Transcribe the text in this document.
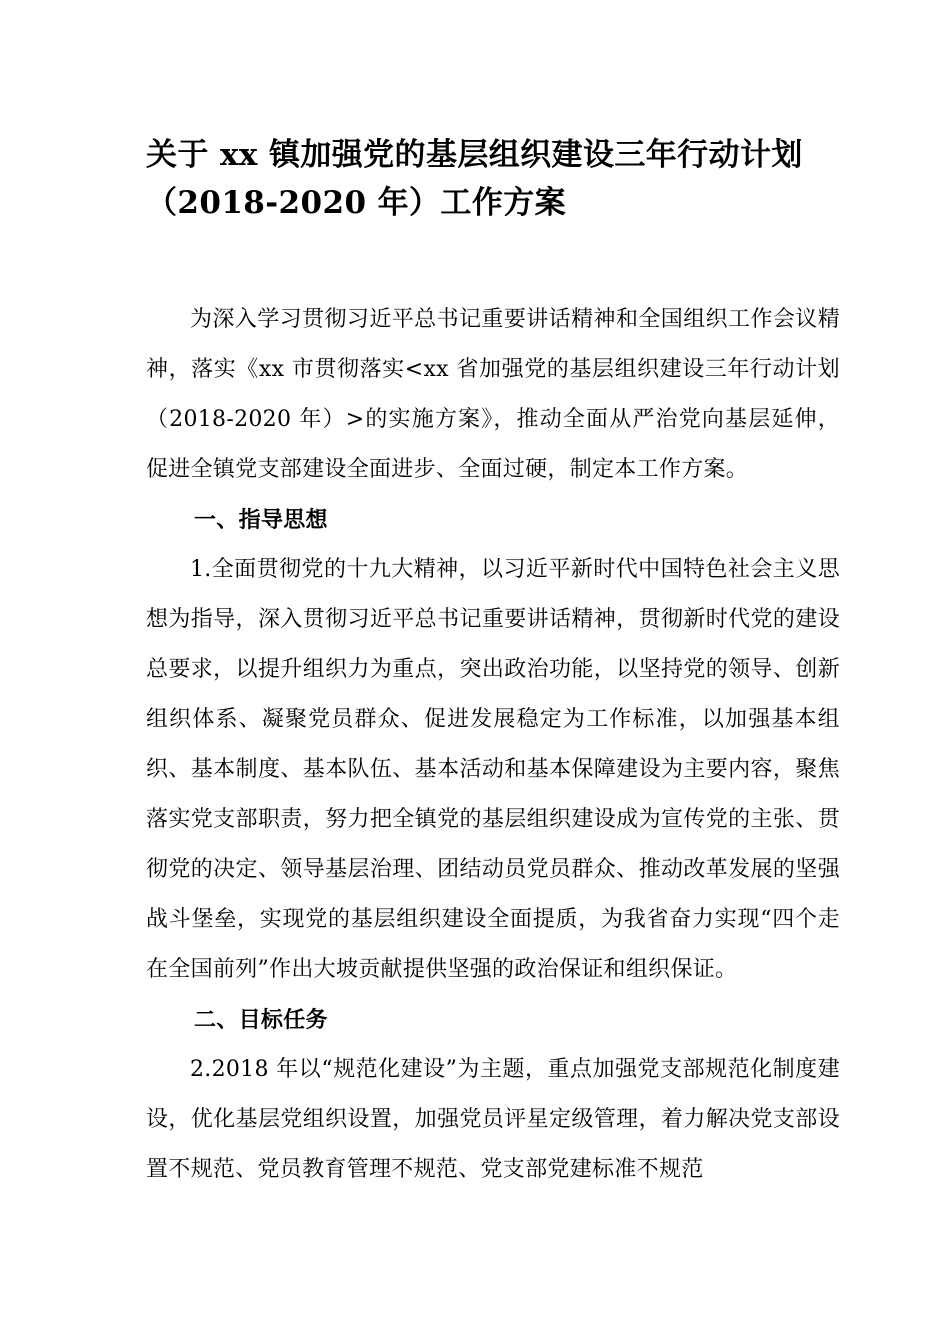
关于 xx 镇加强党的基层组织建设三年行动计划
（2018-2020 年）工作方案

为深入学习贯彻习近平总书记重要讲话精神和全国组织工作会议精神，落实《xx 市贯彻落实<xx 省加强党的基层组织建设三年行动计划（2018-2020 年）>的实施方案》，推动全面从严治党向基层延伸，促进全镇党支部建设全面进步、全面过硬，制定本工作方案。

一、指导思想

1.全面贯彻党的十九大精神，以习近平新时代中国特色社会主义思想为指导，深入贯彻习近平总书记重要讲话精神，贯彻新时代党的建设总要求，以提升组织力为重点，突出政治功能，以坚持党的领导、创新组织体系、凝聚党员群众、促进发展稳定为工作标准，以加强基本组织、基本制度、基本队伍、基本活动和基本保障建设为主要内容，聚焦落实党支部职责，努力把全镇党的基层组织建设成为宣传党的主张、贯彻党的决定、领导基层治理、团结动员党员群众、推动改革发展的坚强战斗堡垒，实现党的基层组织建设全面提质，为我省奋力实现“四个走在全国前列”作出大坡贡献提供坚强的政治保证和组织保证。

二、目标任务

2.2018 年以“规范化建设”为主题，重点加强党支部规范化制度建设，优化基层党组织设置，加强党员评星定级管理，着力解决党支部设置不规范、党员教育管理不规范、党支部党建标准不规范
